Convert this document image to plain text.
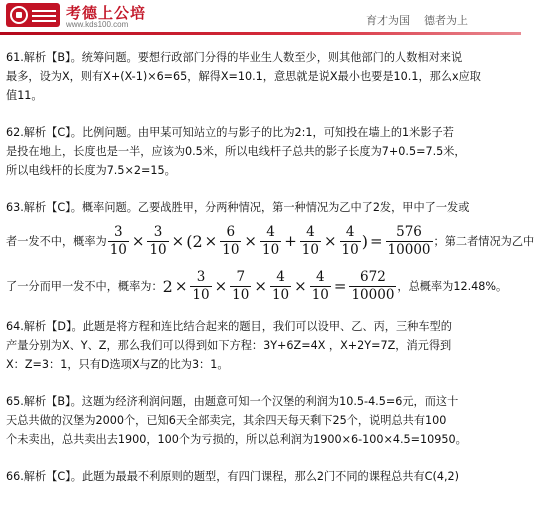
考德上公培
www.kds100.com	育才为国 德者为上
61.解析【B】。统筹问题。要想行政部门分得的毕业生人数至少，则其他部门的人数相对来说
最多，设为X，则有X+(X-1)×6=65，解得X=10.1，意思就是说X最小也要是10.1，那么x应取
值11。
62.解析【C】。比例问题。由甲某可知站立的与影子的比为2:1，可知投在墙上的1米影子若
是投在地上，长度也是一半，应该为0.5米，所以电线杆子总共的影子长度为7+0.5=7.5米，
所以电线杆的长度为7.5×2=15。
63.解析【C】。概率问题。乙要战胜甲，分两种情况，第一种情况为乙中了2发，甲中了一发或
者一发不中，概率为 $\frac{3}{10} \times \frac{3}{10} \times (2 \times \frac{6}{10} \times \frac{4}{10} + \frac{4}{10} \times \frac{4}{10}$ ) = $\frac{576}{10000}$ ；第二者情况为乙中
了一分而甲一发不中，概率为： $2 \times \frac{3}{10} \times \frac{7}{10} \times \frac{4}{10} \times \frac{4}{10} = \frac{672}{10000}$ ，总概率为12.48%。
64.解析【D】。此题是将方程和连比结合起来的题目，我们可以设甲、乙、丙，三种车型的
产量分别为X、Y、Z，那么我们可以得到如下方程：3Y+6Z=4X ，X+2Y=7Z，消元得到
X：Z=3：1，只有D选项X与Z的比为3：1。
65.解析【B】。这题为经济利润问题，由题意可知一个汉堡的利润为10.5-4.5=6元，而这十
天总共做的汉堡为2000个，已知6天全部卖完，其余四天每天剩下25个，说明总共有100
个未卖出，总共卖出去1900，100个为亏损的，所以总利润为1900×6-100×4.5=10950。
66.解析【C】。此题为最最不利原则的题型，有四门课程，那么2门不同的课程总共有C(4,2)
